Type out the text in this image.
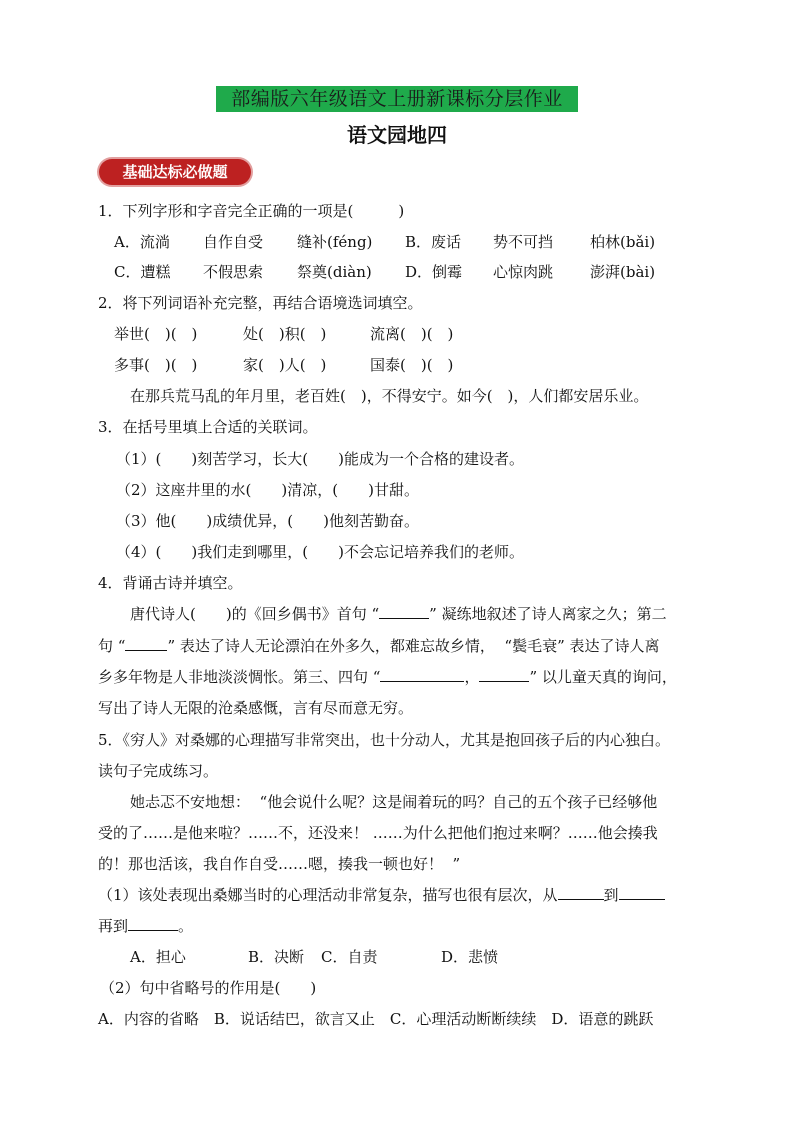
部编版六年级语文上册新课标分层作业
语文园地四
基础达标必做题
1．下列字形和字音完全正确的一项是(　　　)
A．流淌 自作自受 缝补(féng) B．废话 势不可挡 柏林(bǎi)
C．遭糕 不假思索 祭奠(diàn) D．倒霉 心惊肉跳 澎湃(bài)
2．将下列词语补充完整，再结合语境选词填空。
举世(　)(　)	处(　)积(　)	流离(　)(　)
多事(　)(　)	家(　)人(　)	国泰(　)(　)
在那兵荒马乱的年月里，老百姓(　)，不得安宁。如今(　)，人们都安居乐业。
3．在括号里填上合适的关联词。
（1）(　　)刻苦学习，长大(　　)能成为一个合格的建设者。
（2）这座井里的水(　　)清凉，(　　)甘甜。
（3）他(　　)成绩优异，(　　)他刻苦勤奋。
（4）(　　)我们走到哪里，(　　)不会忘记培养我们的老师。
4．背诵古诗并填空。
唐代诗人(　　)的《回乡偶书》首句 “	” 凝练地叙述了诗人离家之久；第二
句 “	” 表达了诗人无论漂泊在外多久，都难忘故乡情，  “鬓毛衰” 表达了诗人离
乡多年物是人非地淡淡惆怅。第三、四句 “	，	” 以儿童天真的询问，
写出了诗人无限的沧桑感慨，言有尽而意无穷。
5．《穷人》对桑娜的心理描写非常突出，也十分动人，尤其是抱回孩子后的内心独白。
读句子完成练习。
她忐忑不安地想：  “他会说什么呢？这是闹着玩的吗？自己的五个孩子已经够他
受的了……是他来啦？……不，还没来！ ……为什么把他们抱过来啊？……他会揍我
的！那也活该，我自作自受……嗯，揍我一顿也好！  ”
（1）该处表现出桑娜当时的心理活动非常复杂，描写也很有层次，从	到
再到	。
A．担心	B．决断 C．自责	D．悲愤
（2）句中省略号的作用是(　　)
A．内容的省略　B．说话结巴，欲言又止　C．心理活动断断续续　D．语意的跳跃
